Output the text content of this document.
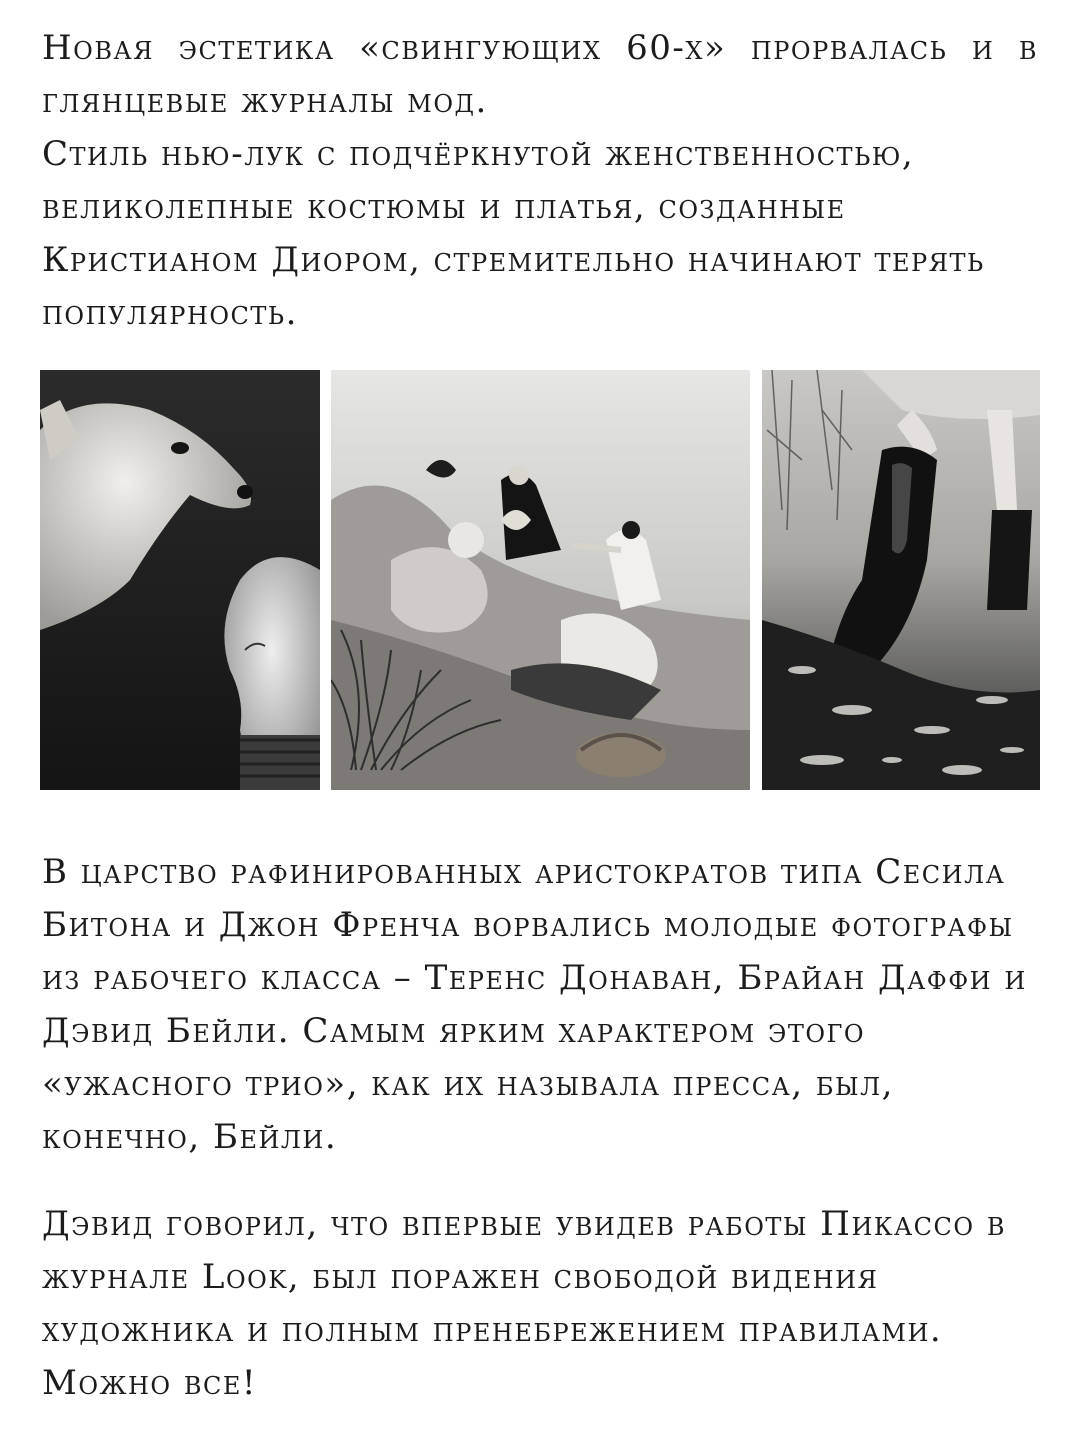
Новая эстетика «свингующих 60-х» прорвалась и в глянцевые журналы мод.
Стиль нью-лук с подчёркнутой женственностью, великолепные костюмы и платья, созданные Кристианом Диором, стремительно начинают терять популярность.

В царство рафинированных аристократов типа Сесила Битона и Джон Френча ворвались молодые фотографы из рабочего класса – Теренс Донаван, Брайан Даффи и Дэвид Бейли. Самым ярким характером этого «ужасного трио», как их называла пресса, был, конечно, Бейли.

Дэвид говорил, что впервые увидев работы Пикассо в журнале Look, был поражен свободой видения художника и полным пренебрежением правилами. Можно все!
